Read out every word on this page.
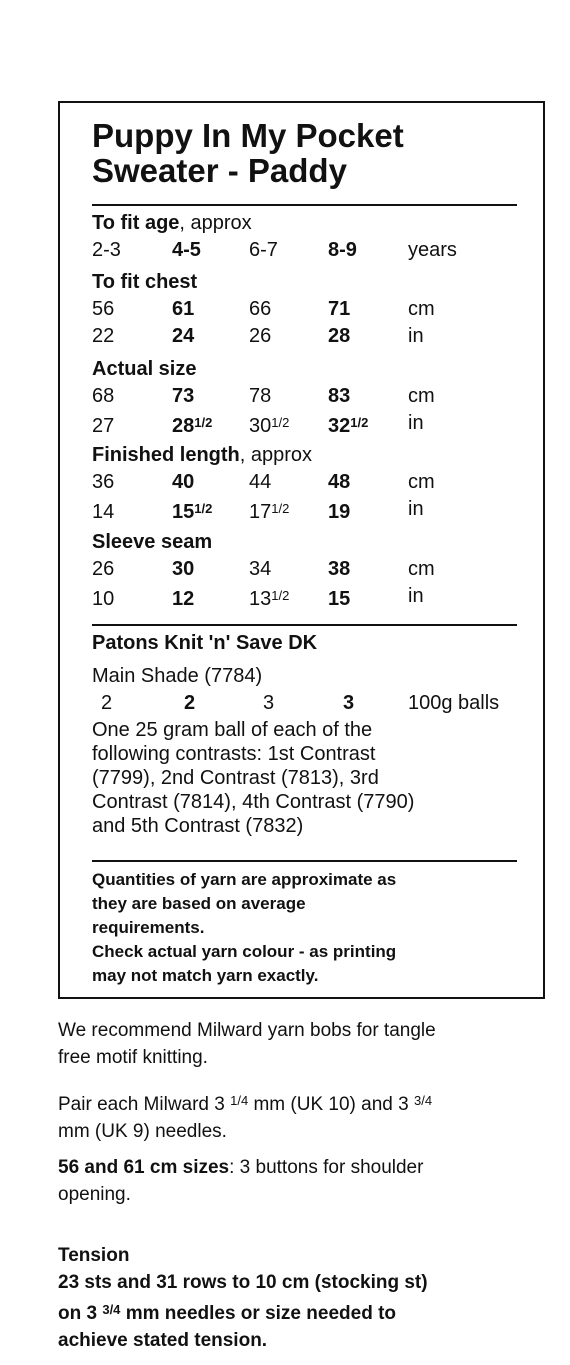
Puppy In My Pocket
Sweater - Paddy
To fit age, approx
2-3	4-5 6-7	8-9	years
To fit chest
56	61	66	71	cm
22	24	26	28	in
Actual size
68	73	78	83	cm
27	$28^{1/2}$ $30^{1/2}$ $32^{1/2}$ in
Finished length, approx
36	40	44	48	cm
14	$15^{1/2}$ $17^{1/2}$ 19	in
Sleeve seam
26	30	34	38	cm
10	12	$13^{1/2}$ 15	in
Patons Knit 'n' Save DK
Main Shade (7784)
2	2	3	3	100g balls
One 25 gram ball of each of the
following contrasts: 1st Contrast
(7799), 2nd Contrast (7813), 3rd
Contrast (7814), 4th Contrast (7790)
and 5th Contrast (7832)
Quantities of yarn are approximate as
they are based on average
requirements.
Check actual yarn colour - as printing
may not match yarn exactly.
We recommend Milward yarn bobs for tangle
free motif knitting.
Pair each Milward 3 $^{1/4}$ mm (UK 10) and 3 $^{3/4}$
mm (UK 9) needles.
56 and 61 cm sizes: 3 buttons for shoulder
opening.
Tension
23 sts and 31 rows to 10 cm (stocking st)
on 3 $^{3/4}$ mm needles or size needed to
achieve stated tension.
